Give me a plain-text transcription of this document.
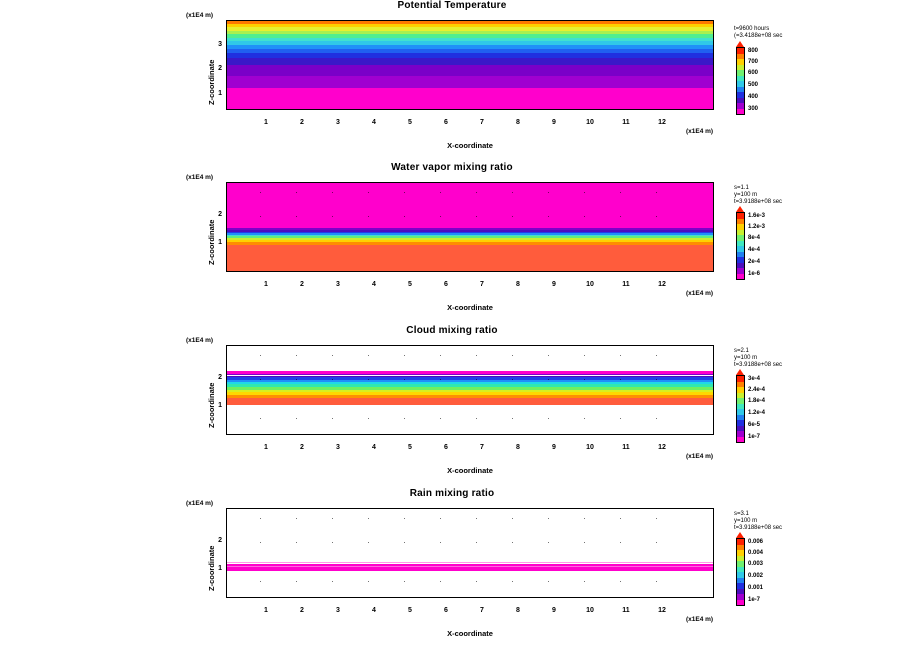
Potential Temperature
(x1E4 m)
Z-coordinate 1
2
3
1	2	3	4	5	6	7	8	9	10	11	12
X-coordinate
(x1E4 m)
t=9600 hours
(=3.4188e+08 sec
800
700
600
500
400
300
Water vapor mixing ratio
(x1E4 m)
Z-coordinate 1
2
1	2	3	4	5	6	7	8	9	10	11	12
X-coordinate
(x1E4 m)
s=1.1
y=100 m
t=3.9188e+08 sec
1.6e-3
1.2e-3
8e-4
4e-4
2e-4
1e-6
Cloud mixing ratio
(x1E4 m)
Z-coordinate 1
2
1	2	3	4	5	6	7	8	9	10	11	12
X-coordinate
(x1E4 m)
s=2.1
y=100 m
t=3.9188e+08 sec
3e-4
2.4e-4
1.8e-4
1.2e-4
6e-5
1e-7
Rain mixing ratio
(x1E4 m)
Z-coordinate 1
2
1	2	3	4	5	6	7	8	9	10	11	12
X-coordinate
(x1E4 m)
s=3.1
y=100 m
t=3.9188e+08 sec
0.006
0.004
0.003
0.002
0.001
1e-7
